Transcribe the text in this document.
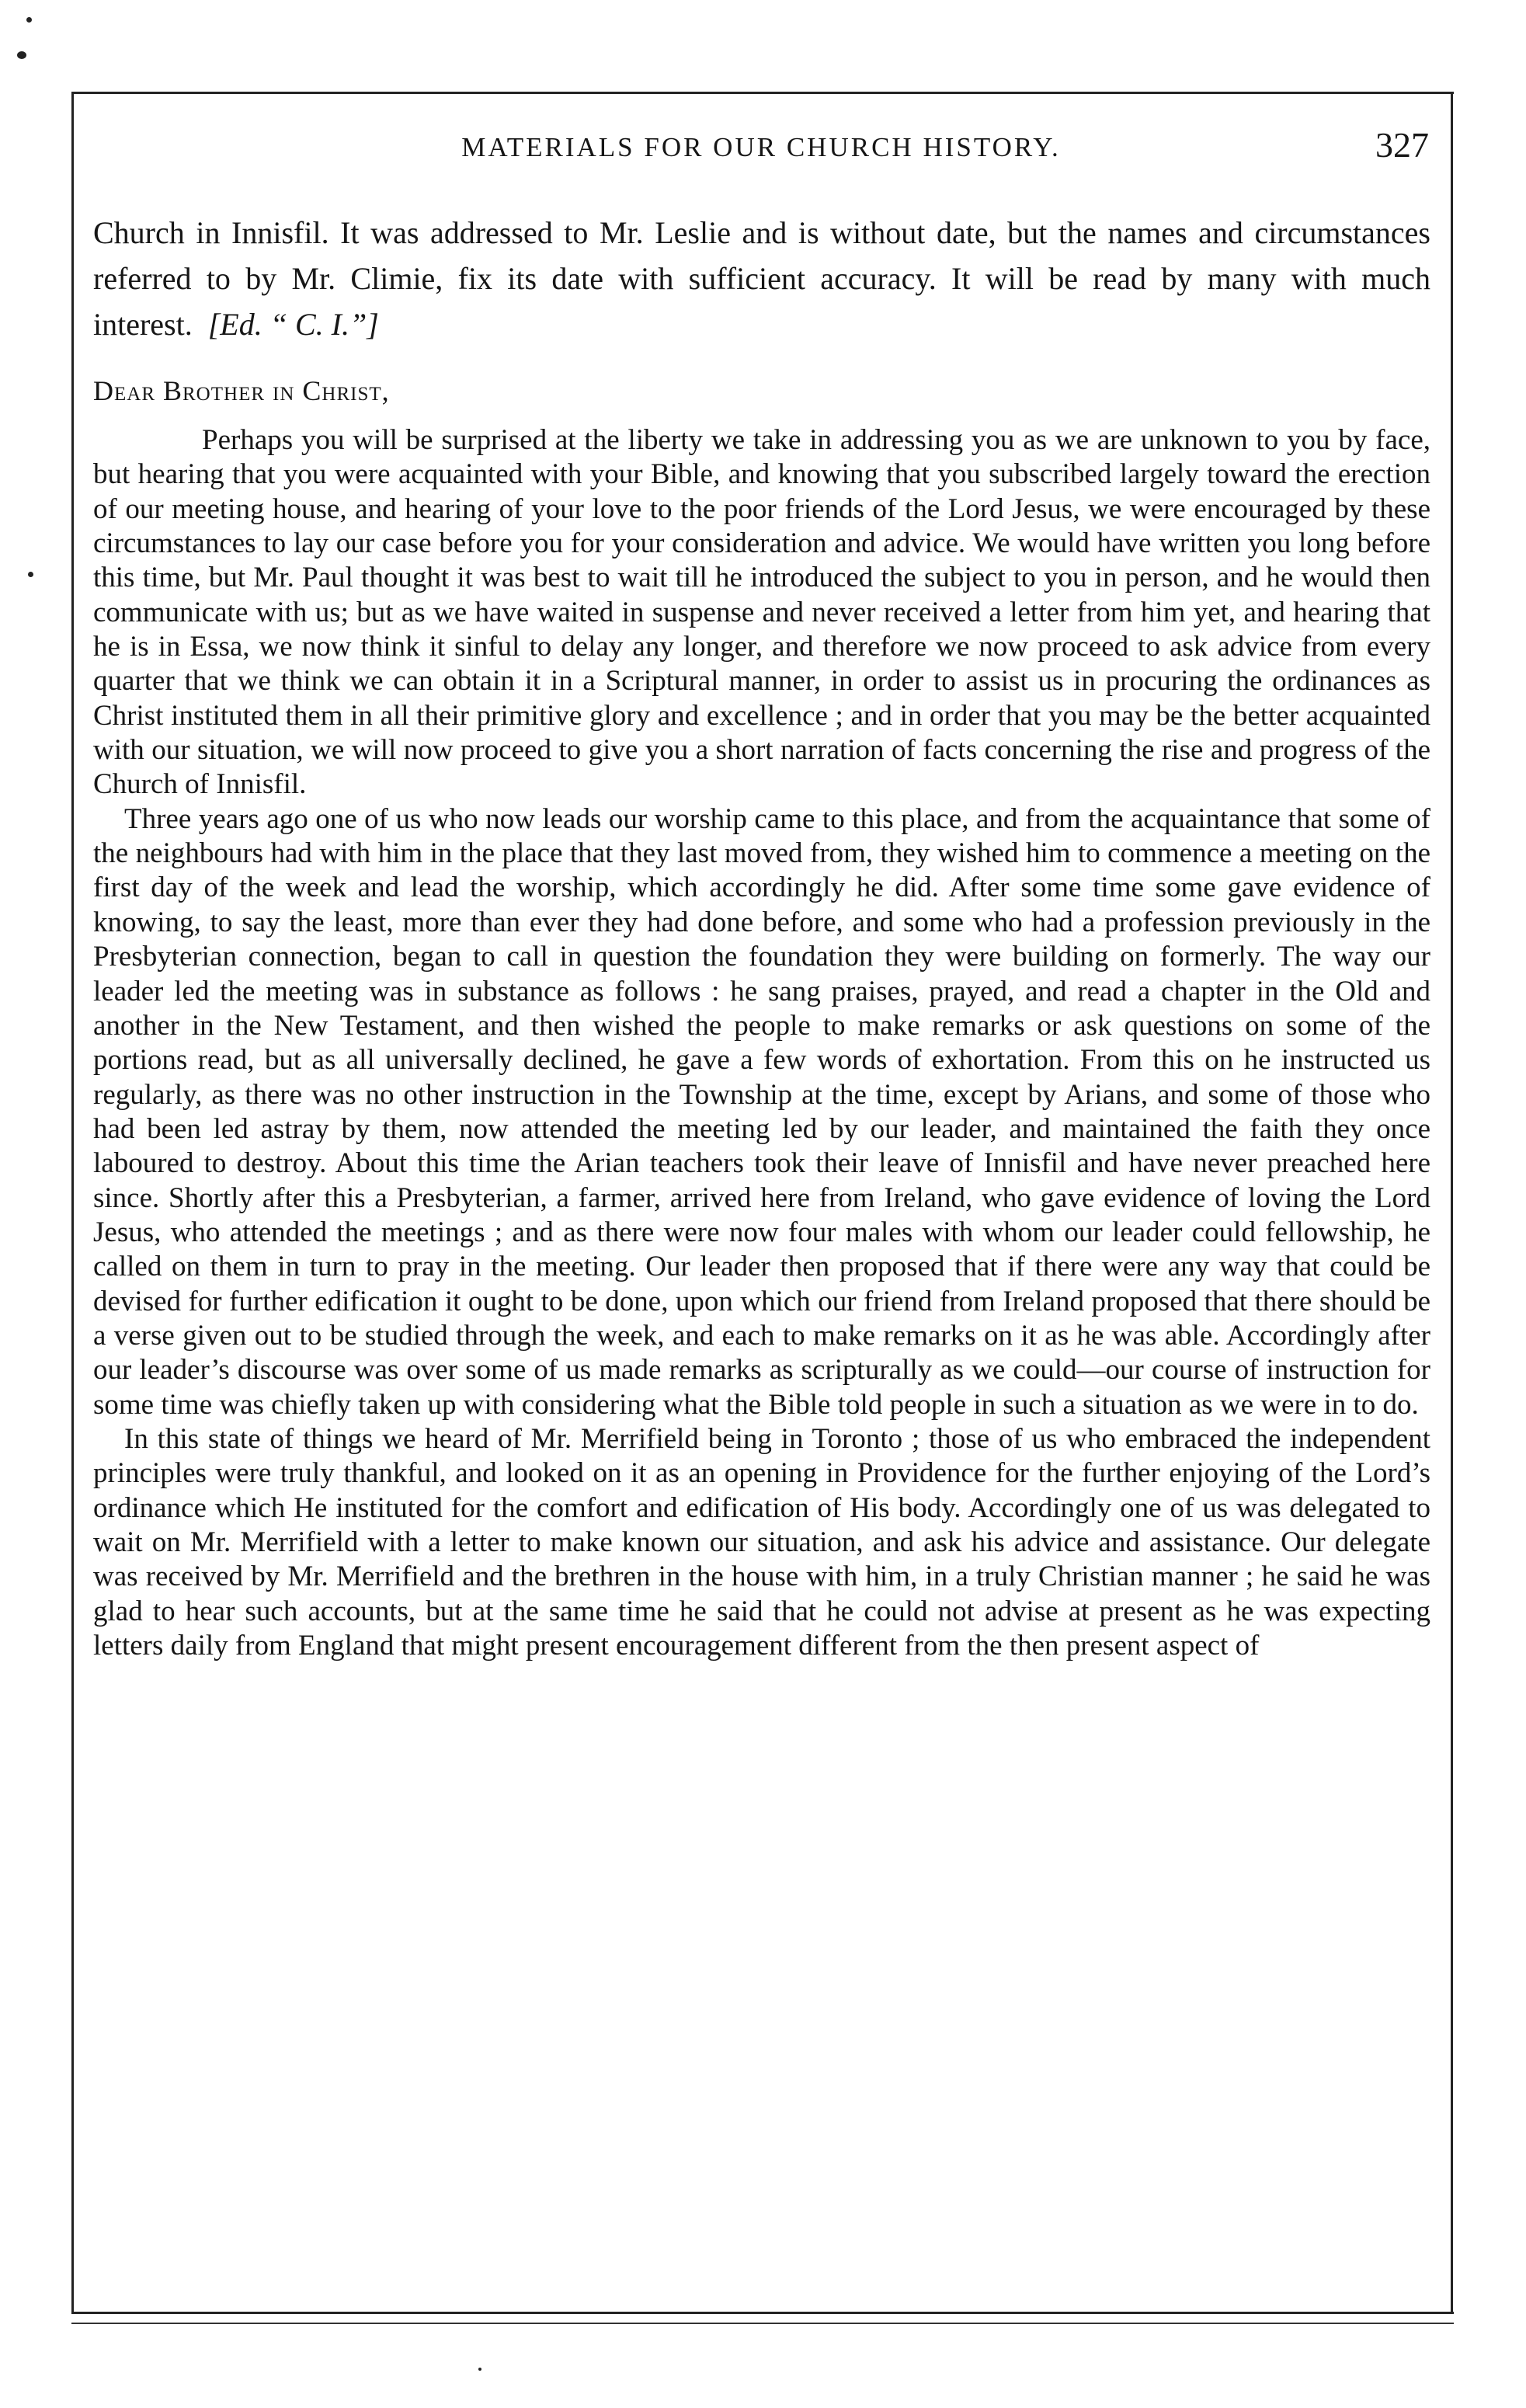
MATERIALS FOR OUR CHURCH HISTORY.	327

Church in Innisfil. It was addressed to Mr. Leslie and is without date, but the names and circumstances referred to by Mr. Climie, fix its date with sufficient accuracy. It will be read by many with much interest. [Ed. “ C. I.”]

Dear Brother in Christ,

Perhaps you will be surprised at the liberty we take in addressing you as we are unknown to you by face, but hearing that you were acquainted with your Bible, and knowing that you subscribed largely toward the erection of our meeting house, and hearing of your love to the poor friends of the Lord Jesus, we were encouraged by these circumstances to lay our case before you for your consideration and advice. We would have written you long before this time, but Mr. Paul thought it was best to wait till he introduced the subject to you in person, and he would then communicate with us; but as we have waited in suspense and never received a letter from him yet, and hearing that he is in Essa, we now think it sinful to delay any longer, and therefore we now proceed to ask advice from every quarter that we think we can obtain it in a Scriptural manner, in order to assist us in procuring the ordinances as Christ instituted them in all their primitive glory and excellence ; and in order that you may be the better acquainted with our situation, we will now proceed to give you a short narration of facts concerning the rise and progress of the Church of Innisfil.

Three years ago one of us who now leads our worship came to this place, and from the acquaintance that some of the neighbours had with him in the place that they last moved from, they wished him to commence a meeting on the first day of the week and lead the worship, which accordingly he did. After some time some gave evidence of knowing, to say the least, more than ever they had done before, and some who had a profession previously in the Presbyterian connection, began to call in question the foundation they were building on formerly. The way our leader led the meeting was in substance as follows : he sang praises, prayed, and read a chapter in the Old and another in the New Testament, and then wished the people to make remarks or ask questions on some of the portions read, but as all universally declined, he gave a few words of exhortation. From this on he instructed us regularly, as there was no other instruction in the Township at the time, except by Arians, and some of those who had been led astray by them, now attended the meeting led by our leader, and maintained the faith they once laboured to destroy. About this time the Arian teachers took their leave of Innisfil and have never preached here since. Shortly after this a Presbyterian, a farmer, arrived here from Ireland, who gave evidence of loving the Lord Jesus, who attended the meetings ; and as there were now four males with whom our leader could fellowship, he called on them in turn to pray in the meeting. Our leader then proposed that if there were any way that could be devised for further edification it ought to be done, upon which our friend from Ireland proposed that there should be a verse given out to be studied through the week, and each to make remarks on it as he was able. Accordingly after our leader’s discourse was over some of us made remarks as scripturally as we could—our course of instruction for some time was chiefly taken up with considering what the Bible told people in such a situation as we were in to do.

In this state of things we heard of Mr. Merrifield being in Toronto ; those of us who embraced the independent principles were truly thankful, and looked on it as an opening in Providence for the further enjoying of the Lord’s ordinance which He instituted for the comfort and edification of His body. Accordingly one of us was delegated to wait on Mr. Merrifield with a letter to make known our situation, and ask his advice and assistance. Our delegate was received by Mr. Merrifield and the brethren in the house with him, in a truly Christian manner ; he said he was glad to hear such accounts, but at the same time he said that he could not advise at present as he was expecting letters daily from England that might present encouragement different from the then present aspect of
